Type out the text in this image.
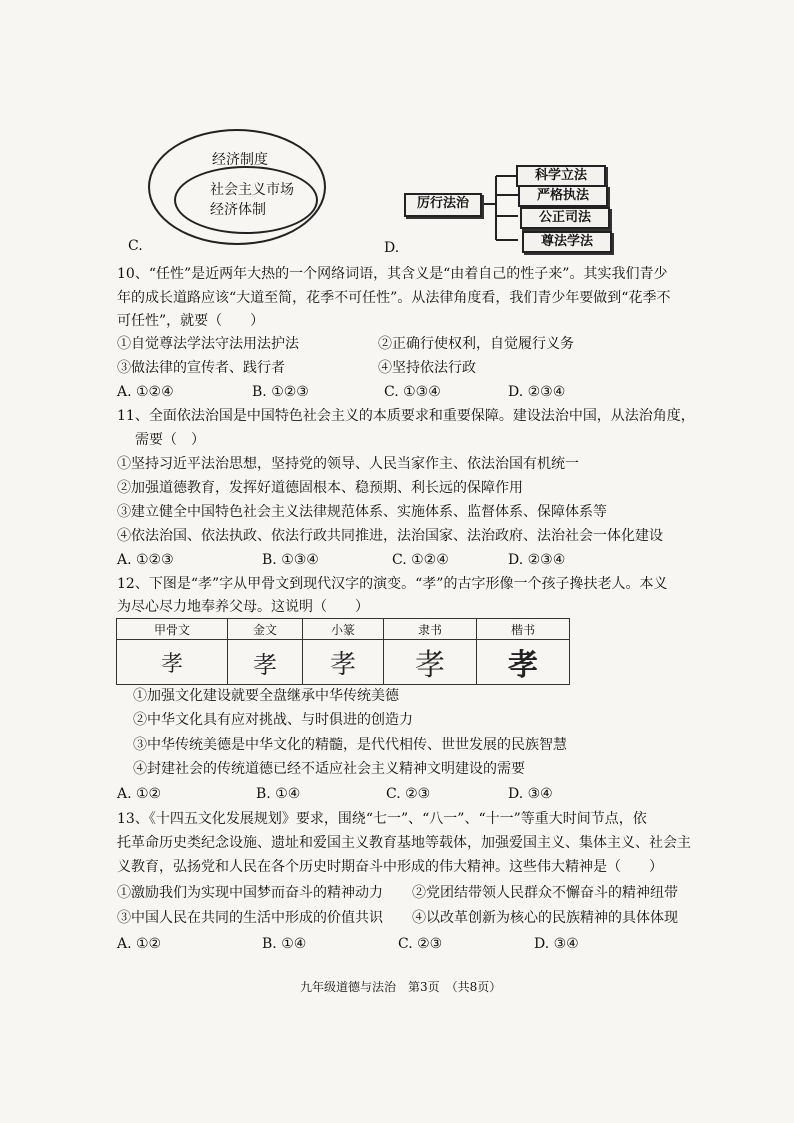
经济制度
社会主义市场
经济体制
C.
厉行法治
科学立法
严格执法
公正司法
尊法学法
D.
10、“任性”是近两年大热的一个网络词语，其含义是“由着自己的性子来”。其实我们青少
年的成长道路应该“大道至简，花季不可任性”。从法律角度看，我们青少年要做到“花季不
可任性”，就要（　　）
①自觉尊法学法守法用法护法	②正确行使权利，自觉履行义务
③做法律的宣传者、践行者	④坚持依法行政
A. ①②④	B. ①②③	C. ①③④	D. ②③④
11、全面依法治国是中国特色社会主义的本质要求和重要保障。建设法治中国，从法治角度，
需要（　）
①坚持习近平法治思想，坚持党的领导、人民当家作主、依法治国有机统一
②加强道德教育，发挥好道德固根本、稳预期、利长远的保障作用
③建立健全中国特色社会主义法律规范体系、实施体系、监督体系、保障体系等
④依法治国、依法执政、依法行政共同推进，法治国家、法治政府、法治社会一体化建设
A. ①②③	B. ①③④	C. ①②④	D. ②③④
12、下图是“孝”字从甲骨文到现代汉字的演变。“孝”的古字形像一个孩子搀扶老人。本义
为尽心尽力地奉养父母。这说明（　　）
甲骨文	金文	小篆	隶书	楷书
孝	孝	孝	孝	孝
①加强文化建设就要全盘继承中华传统美德
②中华文化具有应对挑战、与时俱进的创造力
③中华传统美德是中华文化的精髓，是代代相传、世世发展的民族智慧
④封建社会的传统道德已经不适应社会主义精神文明建设的需要
A. ①②	B. ①④	C. ②③	D. ③④
13、《十四五文化发展规划》要求，围绕“七一”、“八一”、“十一”等重大时间节点，依
托革命历史类纪念设施、遗址和爱国主义教育基地等载体，加强爱国主义、集体主义、社会主
义教育，弘扬党和人民在各个历史时期奋斗中形成的伟大精神。这些伟大精神是（　　）
①激励我们为实现中国梦而奋斗的精神动力 ②党团结带领人民群众不懈奋斗的精神纽带
③中国人民在共同的生活中形成的价值共识 ④以改革创新为核心的民族精神的具体体现
A. ①②	B. ①④	C. ②③	D. ③④
九年级道德与法治　第3页　（共8页）
